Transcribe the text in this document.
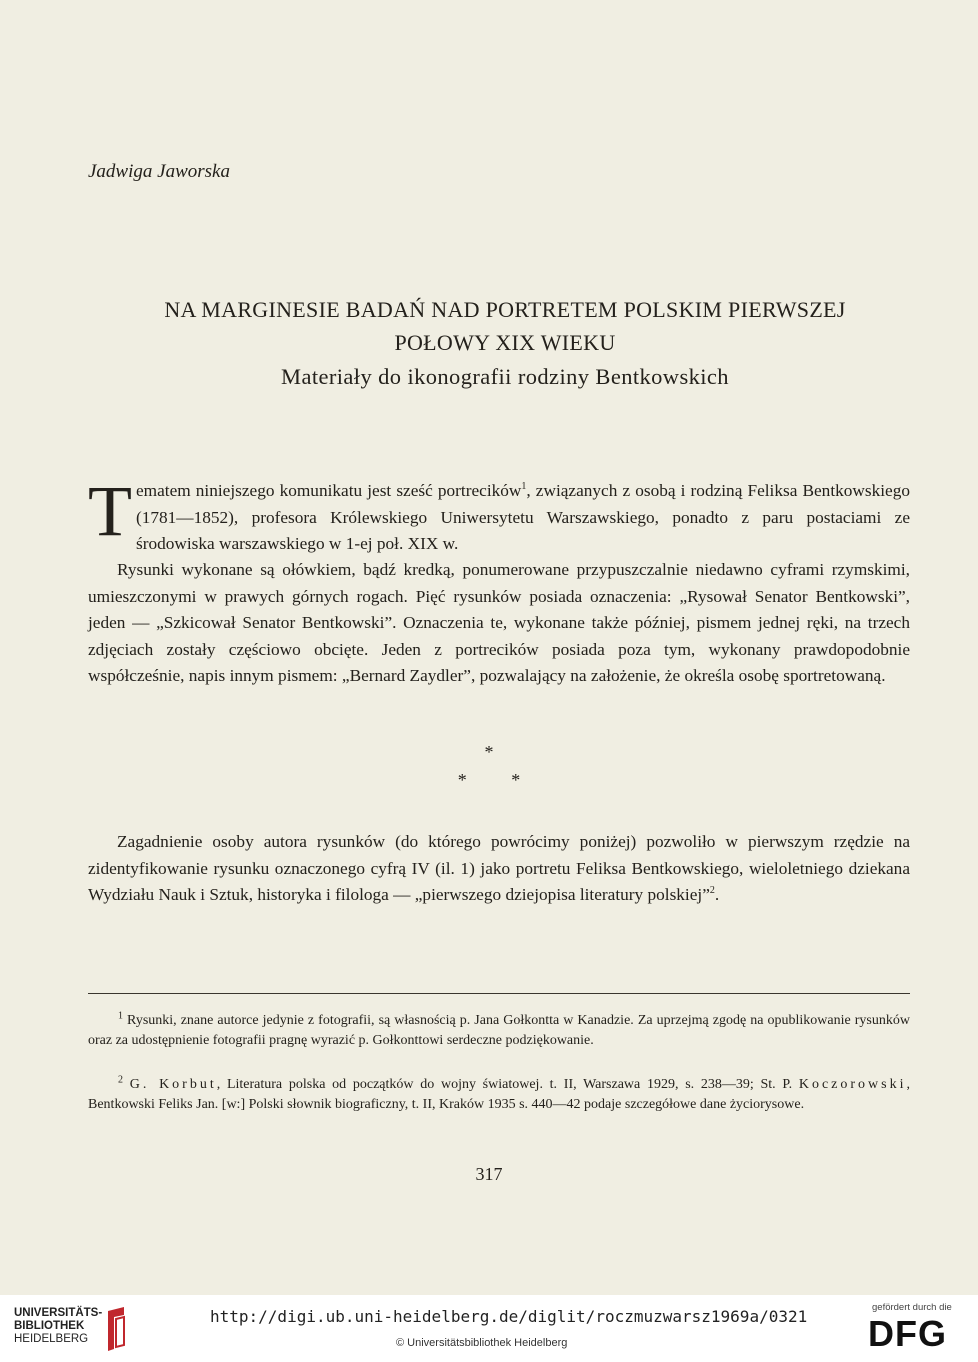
Jadwiga Jaworska
NA MARGINESIE BADAŃ NAD PORTRETEM POLSKIM PIERWSZEJ
POŁOWY XIX WIEKU
Materiały do ikonografii rodziny Bentkowskich

Tematem niniejszego komunikatu jest sześć portrecików$^1$, związanych z osobą i rodziną Feliksa Bentkowskiego (1781—1852), profesora Królewskiego Uniwersytetu Warszawskiego, ponadto z paru postaciami ze środowiska warszawskiego w 1-ej poł. XIX w.

Rysunki wykonane są ołówkiem, bądź kredką, ponumerowane przypuszczalnie niedawno cyframi rzymskimi, umieszczonymi w prawych górnych rogach. Pięć rysunków posiada oznaczenia: „Rysował Senator Bentkowski”, jeden — „Szkicował Senator Bentkowski”. Oznaczenia te, wykonane także później, pismem jednej ręki, na trzech zdjęciach zostały częściowo obcięte. Jeden z portrecików posiada poza tym, wykonany prawdopodobnie współcześnie, napis innym pismem: „Bernard Zaydler”, pozwalający na założenie, że określa osobę sportretowaną.

*
* *

Zagadnienie osoby autora rysunków (do którego powrócimy poniżej) pozwoliło w pierwszym rzędzie na zidentyfikowanie rysunku oznaczonego cyfrą IV (il. 1) jako portretu Feliksa Bentkowskiego, wieloletniego dziekana Wydziału Nauk i Sztuk, historyka i filologa — „pierwszego dziejopisa literatury polskiej”$^2$.

$^1$ Rysunki, znane autorce jedynie z fotografii, są własnością p. Jana Gołkontta w Kanadzie. Za uprzejmą zgodę na opublikowanie rysunków oraz za udostępnienie fotografii pragnę wyrazić p. Gołkonttowi serdeczne podziękowanie.

$^2$ G. Korbut, Literatura polska od początków do wojny światowej. t. II, Warszawa 1929, s. 238—39; St. P. Koczorowski, Bentkowski Feliks Jan. [w:] Polski słownik biograficzny, t. II, Kraków 1935 s. 440—42 podaje szczegółowe dane życiorysowe.

317
UNIVERSITÄTS-
BIBLIOTHEK
HEIDELBERG
http://digi.ub.uni-heidelberg.de/diglit/roczmuzwarsz1969a/0321
© Universitätsbibliothek Heidelberg
gefördert durch die
DFG
